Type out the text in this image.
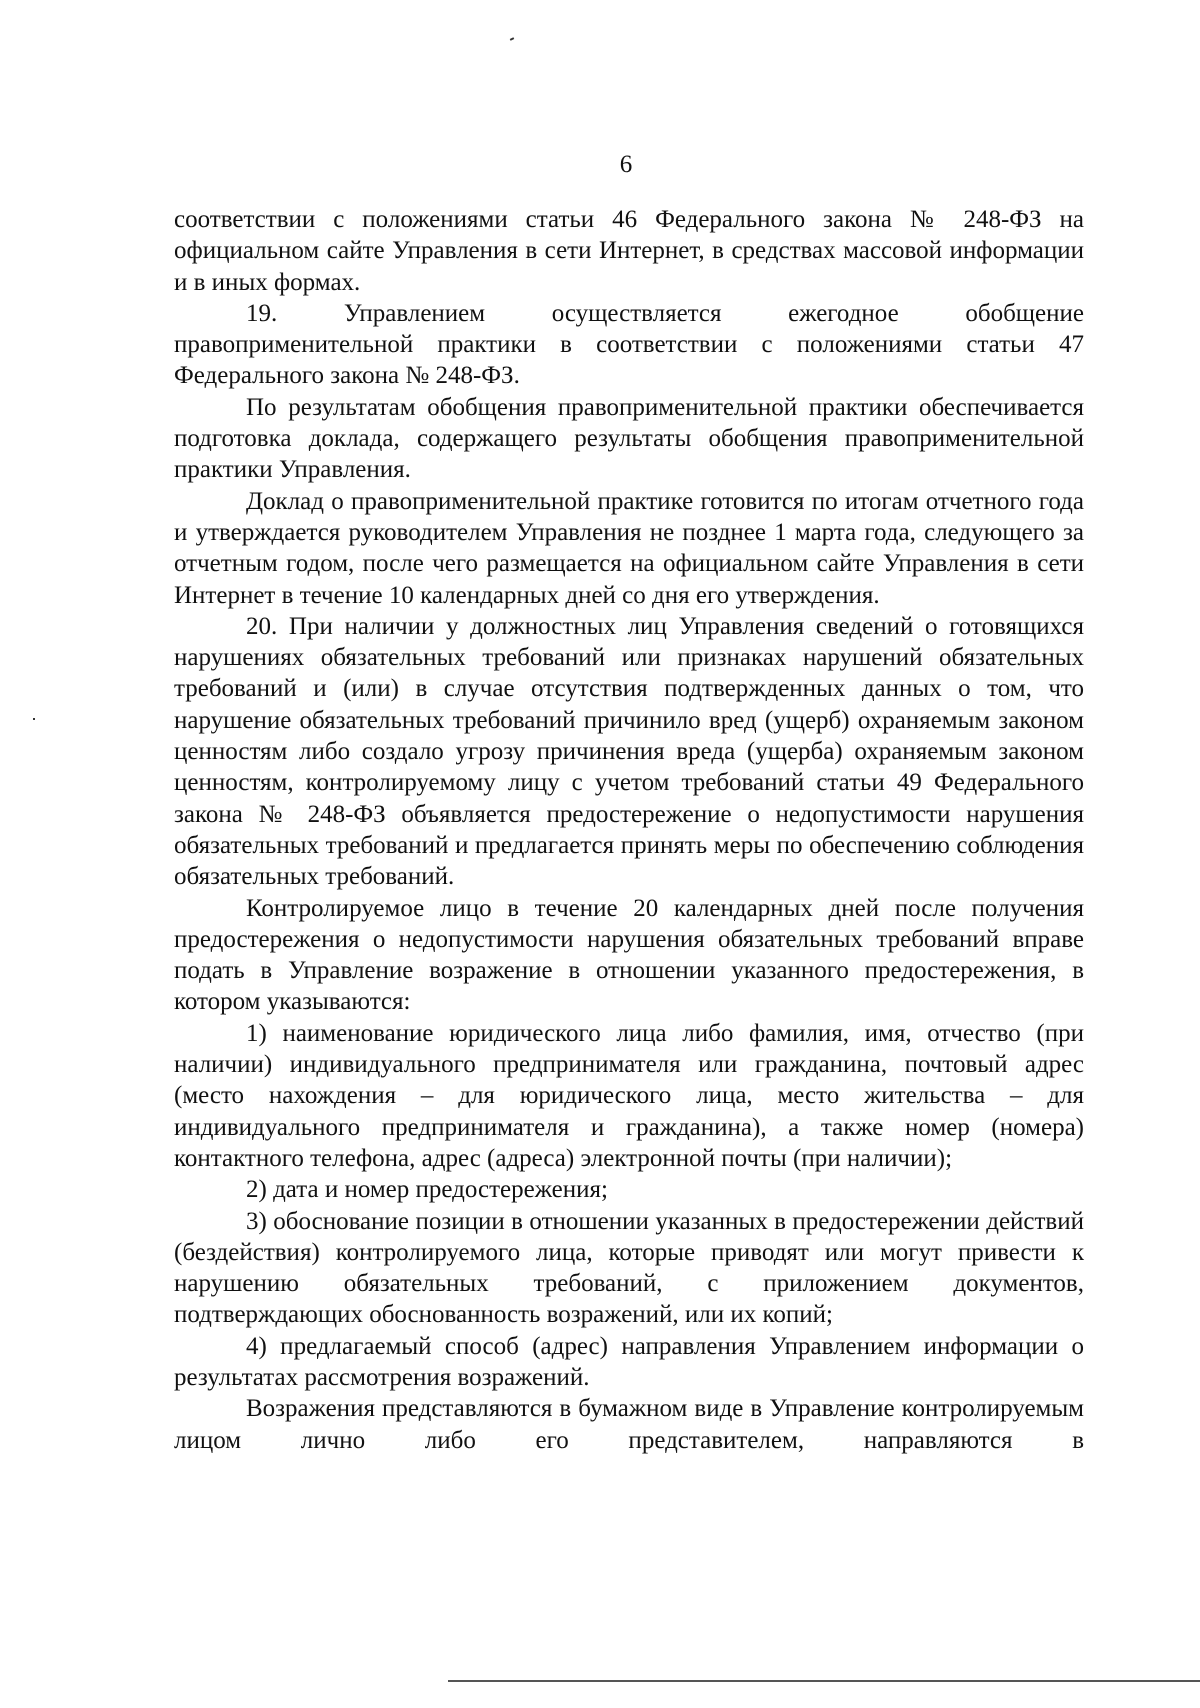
6

соответствии с положениями статьи 46 Федерального закона № 248-ФЗ на официальном сайте Управления в сети Интернет, в средствах массовой информации и в иных формах.

19. Управлением осуществляется ежегодное обобщение правоприменительной практики в соответствии с положениями статьи 47 Федерального закона № 248-ФЗ.

По результатам обобщения правоприменительной практики обеспечивается подготовка доклада, содержащего результаты обобщения правоприменительной практики Управления.

Доклад о правоприменительной практике готовится по итогам отчетного года и утверждается руководителем Управления не позднее 1 марта года, следующего за отчетным годом, после чего размещается на официальном сайте Управления в сети Интернет в течение 10 календарных дней со дня его утверждения.

20. При наличии у должностных лиц Управления сведений о готовящихся нарушениях обязательных требований или признаках нарушений обязательных требований и (или) в случае отсутствия подтвержденных данных о том, что нарушение обязательных требований причинило вред (ущерб) охраняемым законом ценностям либо создало угрозу причинения вреда (ущерба) охраняемым законом ценностям, контролируемому лицу с учетом требований статьи 49 Федерального закона № 248-ФЗ объявляется предостережение о недопустимости нарушения обязательных требований и предлагается принять меры по обеспечению соблюдения обязательных требований.

Контролируемое лицо в течение 20 календарных дней после получения предостережения о недопустимости нарушения обязательных требований вправе подать в Управление возражение в отношении указанного предостережения, в котором указываются:

1) наименование юридического лица либо фамилия, имя, отчество (при наличии) индивидуального предпринимателя или гражданина, почтовый адрес (место нахождения – для юридического лица, место жительства – для индивидуального предпринимателя и гражданина), а также номер (номера) контактного телефона, адрес (адреса) электронной почты (при наличии);

2) дата и номер предостережения;

3) обоснование позиции в отношении указанных в предостережении действий (бездействия) контролируемого лица, которые приводят или могут привести к нарушению обязательных требований, с приложением документов, подтверждающих обоснованность возражений, или их копий;

4) предлагаемый способ (адрес) направления Управлением информации о результатах рассмотрения возражений.

Возражения представляются в бумажном виде в Управление контролируемым лицом лично либо его представителем, направляются в
